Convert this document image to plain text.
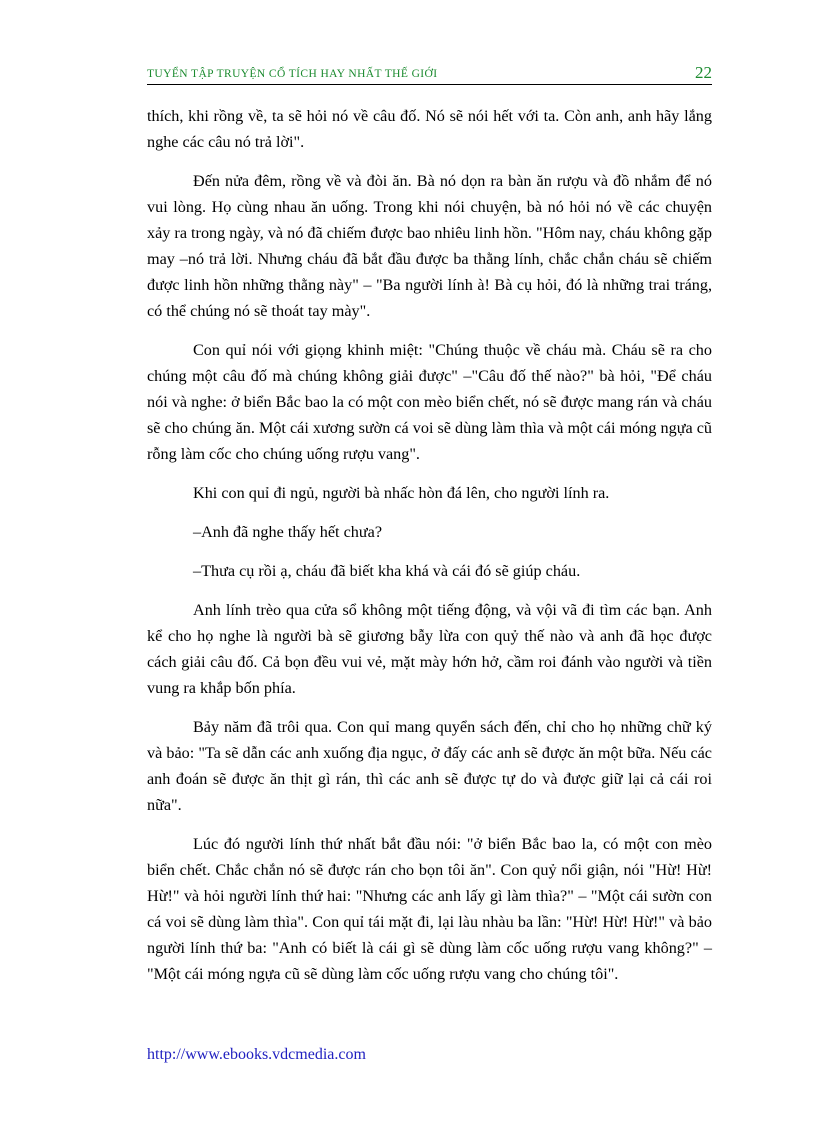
TUYỂN TẬP TRUYỆN CỔ TÍCH HAY NHẤT THẾ GIỚI	22

thích, khi rồng về, ta sẽ hỏi nó về câu đố. Nó sẽ nói hết với ta. Còn anh, anh hãy lắng nghe các câu nó trả lời".

Đến nửa đêm, rồng về và đòi ăn. Bà nó dọn ra bàn ăn rượu và đồ nhắm để nó vui lòng. Họ cùng nhau ăn uống. Trong khi nói chuyện, bà nó hỏi nó về các chuyện xảy ra trong ngày, và nó đã chiếm được bao nhiêu linh hồn. "Hôm nay, cháu không gặp may –nó trả lời. Nhưng cháu đã bắt đầu được ba thằng lính, chắc chắn cháu sẽ chiếm được linh hồn những thằng này" – "Ba người lính à! Bà cụ hỏi, đó là những trai tráng, có thể chúng nó sẽ thoát tay mày".

Con quỉ nói với giọng khinh miệt: "Chúng thuộc về cháu mà. Cháu sẽ ra cho chúng một câu đố mà chúng không giải được" –"Câu đố thế nào?" bà hỏi, "Để cháu nói và nghe: ở biển Bắc bao la có một con mèo biển chết, nó sẽ được mang rán và cháu sẽ cho chúng ăn. Một cái xương sườn cá voi sẽ dùng làm thìa và một cái móng ngựa cũ rỗng làm cốc cho chúng uống rượu vang".

Khi con quỉ đi ngủ, người bà nhấc hòn đá lên, cho người lính ra.

–Anh đã nghe thấy hết chưa?

–Thưa cụ rồi ạ, cháu đã biết kha khá và cái đó sẽ giúp cháu.

Anh lính trèo qua cửa sổ không một tiếng động, và vội vã đi tìm các bạn. Anh kể cho họ nghe là người bà sẽ giương bẫy lừa con quỷ thế nào và anh đã học được cách giải câu đố. Cả bọn đều vui vẻ, mặt mày hớn hở, cầm roi đánh vào người và tiền vung ra khắp bốn phía.

Bảy năm đã trôi qua. Con quỉ mang quyển sách đến, chỉ cho họ những chữ ký và bảo: "Ta sẽ dẫn các anh xuống địa ngục, ở đấy các anh sẽ được ăn một bữa. Nếu các anh đoán sẽ được ăn thịt gì rán, thì các anh sẽ được tự do và được giữ lại cả cái roi nữa".

Lúc đó người lính thứ nhất bắt đầu nói: "ở biển Bắc bao la, có một con mèo biển chết. Chắc chắn nó sẽ được rán cho bọn tôi ăn". Con quỷ nổi giận, nói "Hừ! Hừ! Hừ!" và hỏi người lính thứ hai: "Nhưng các anh lấy gì làm thìa?" – "Một cái sườn con cá voi sẽ dùng làm thìa". Con quỉ tái mặt đi, lại làu nhàu ba lần: "Hừ! Hừ! Hừ!" và bảo người lính thứ ba: "Anh có biết là cái gì sẽ dùng làm cốc uống rượu vang không?" – "Một cái móng ngựa cũ sẽ dùng làm cốc uống rượu vang cho chúng tôi".

http://www.ebooks.vdcmedia.com
